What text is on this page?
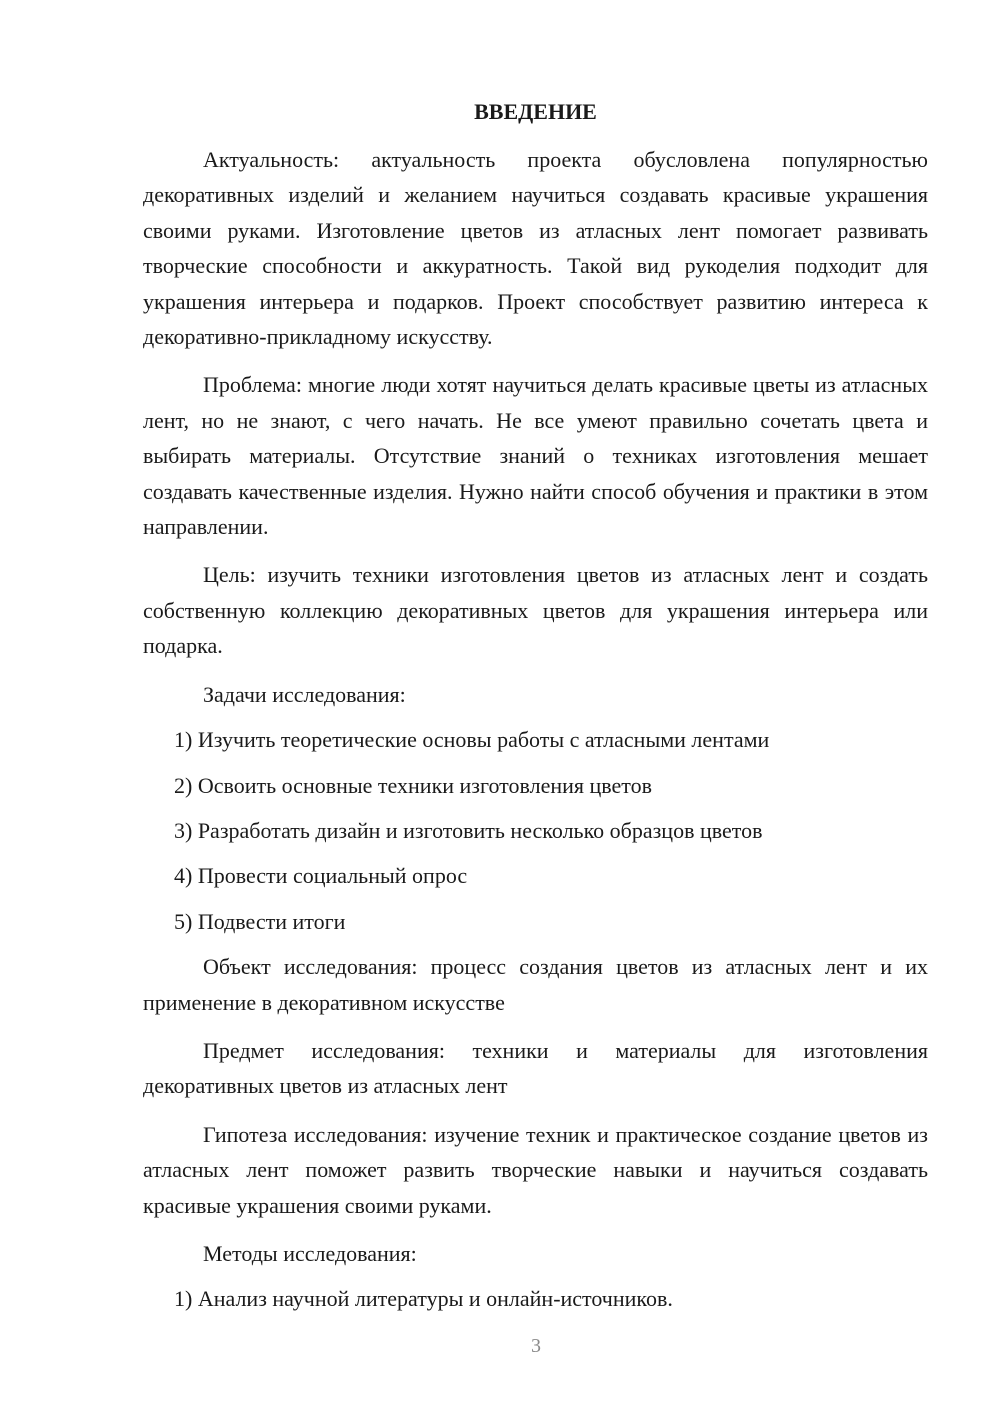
ВВЕДЕНИЕ

Актуальность: актуальность проекта обусловлена популярностью декоративных изделий и желанием научиться создавать красивые украшения своими руками. Изготовление цветов из атласных лент помогает развивать творческие способности и аккуратность. Такой вид рукоделия подходит для украшения интерьера и подарков. Проект способствует развитию интереса к декоративно-прикладному искусству.

Проблема: многие люди хотят научиться делать красивые цветы из атласных лент, но не знают, с чего начать. Не все умеют правильно сочетать цвета и выбирать материалы. Отсутствие знаний о техниках изготовления мешает создавать качественные изделия. Нужно найти способ обучения и практики в этом направлении.

Цель: изучить техники изготовления цветов из атласных лент и создать собственную коллекцию декоративных цветов для украшения интерьера или подарка.

Задачи исследования:

1) Изучить теоретические основы работы с атласными лентами

2) Освоить основные техники изготовления цветов

3) Разработать дизайн и изготовить несколько образцов цветов

4) Провести социальный опрос

5) Подвести итоги

Объект исследования: процесс создания цветов из атласных лент и их применение в декоративном искусстве

Предмет исследования: техники и материалы для изготовления декоративных цветов из атласных лент

Гипотеза исследования: изучение техник и практическое создание цветов из атласных лент поможет развить творческие навыки и научиться создавать красивые украшения своими руками.

Методы исследования:

1) Анализ научной литературы и онлайн-источников.

3
